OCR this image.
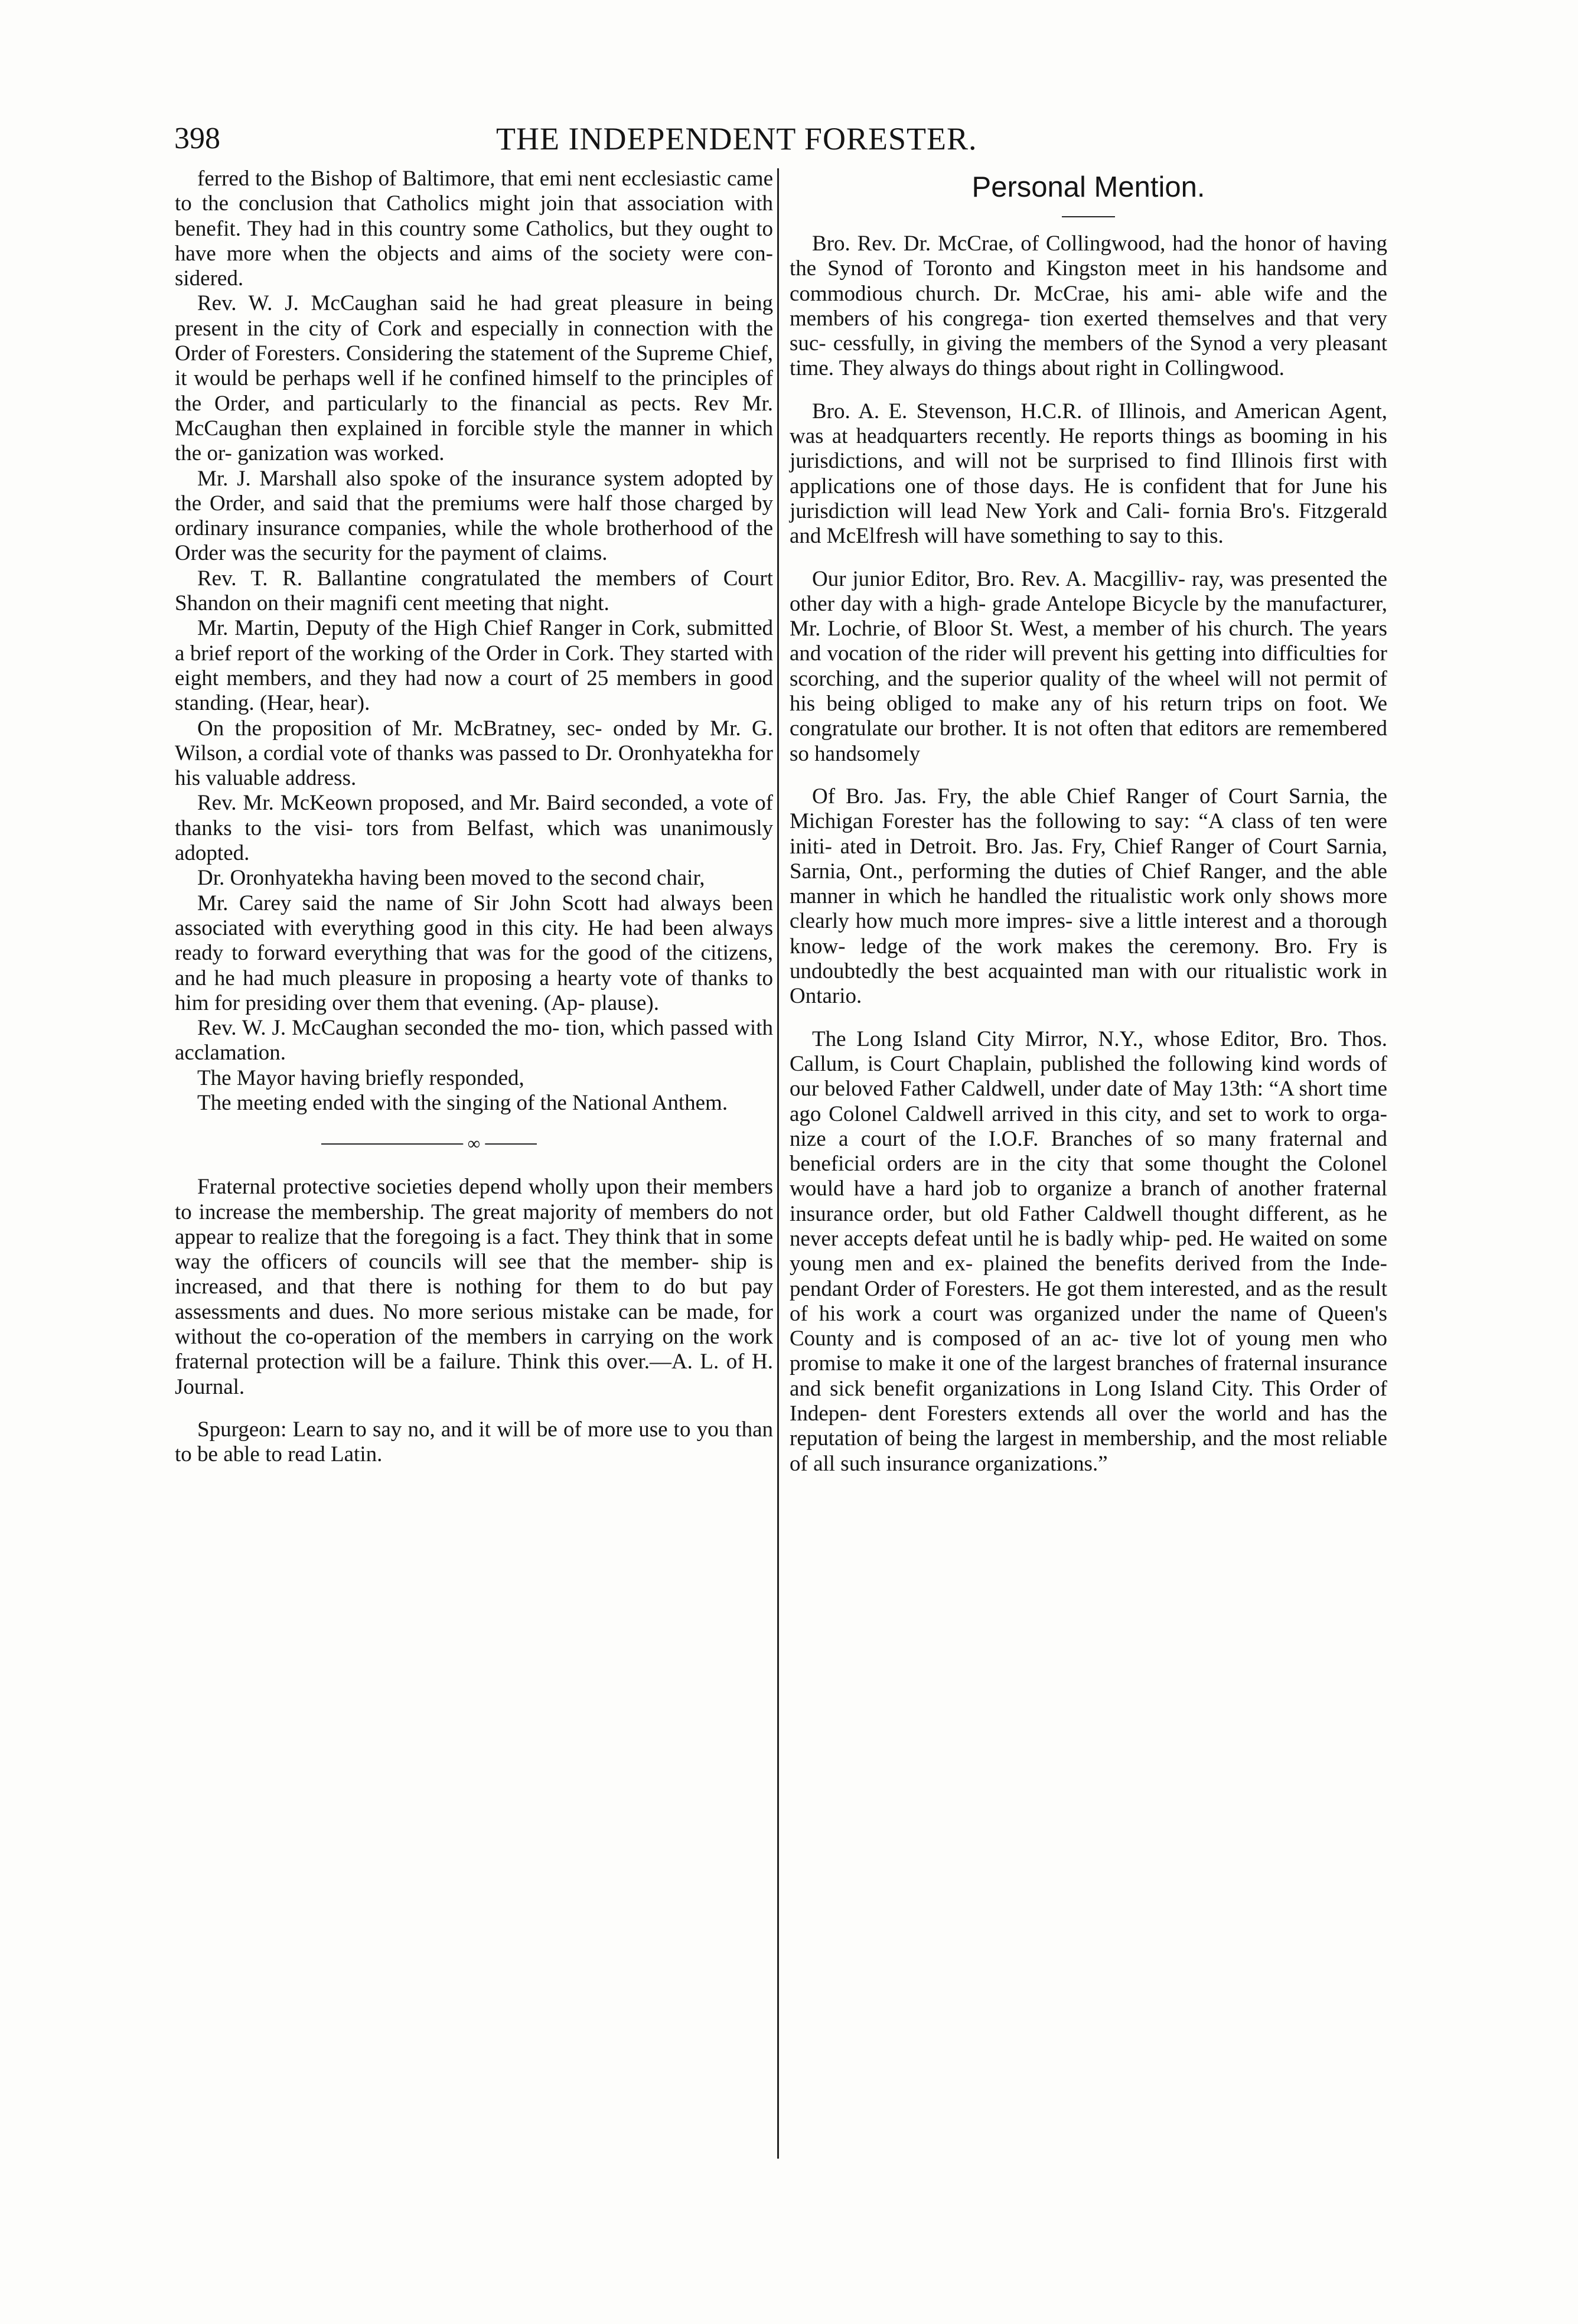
398	THE INDEPENDENT FORESTER.

ferred to the Bishop of Baltimore, that emi nent ecclesiastic came to the conclusion that Catholics might join that association with benefit. They had in this country some Catholics, but they ought to have more when the objects and aims of the society were con- sidered.

Rev. W. J. McCaughan said he had great pleasure in being present in the city of Cork and especially in connection with the Order of Foresters. Considering the statement of the Supreme Chief, it would be perhaps well if he confined himself to the principles of the Order, and particularly to the financial as pects. Rev Mr. McCaughan then explained in forcible style the manner in which the or- ganization was worked.

Mr. J. Marshall also spoke of the insurance system adopted by the Order, and said that the premiums were half those charged by ordinary insurance companies, while the whole brotherhood of the Order was the security for the payment of claims.

Rev. T. R. Ballantine congratulated the members of Court Shandon on their magnifi cent meeting that night.

Mr. Martin, Deputy of the High Chief Ranger in Cork, submitted a brief report of the working of the Order in Cork. They started with eight members, and they had now a court of 25 members in good standing. (Hear, hear).

On the proposition of Mr. McBratney, sec- onded by Mr. G. Wilson, a cordial vote of thanks was passed to Dr. Oronhyatekha for his valuable address.

Rev. Mr. McKeown proposed, and Mr. Baird seconded, a vote of thanks to the visi- tors from Belfast, which was unanimously adopted.

Dr. Oronhyatekha having been moved to the second chair,

Mr. Carey said the name of Sir John Scott had always been associated with everything good in this city. He had been always ready to forward everything that was for the good of the citizens, and he had much pleasure in proposing a hearty vote of thanks to him for presiding over them that evening. (Ap- plause).

Rev. W. J. McCaughan seconded the mo- tion, which passed with acclamation.

The Mayor having briefly responded,

The meeting ended with the singing of the National Anthem.

∞

Fraternal protective societies depend wholly upon their members to increase the membership. The great majority of members do not appear to realize that the foregoing is a fact. They think that in some way the officers of councils will see that the member- ship is increased, and that there is nothing for them to do but pay assessments and dues. No more serious mistake can be made, for without the co-operation of the members in carrying on the work fraternal protection will be a failure. Think this over.—A. L. of H. Journal.

Spurgeon: Learn to say no, and it will be of more use to you than to be able to read Latin.

Personal Mention.

Bro. Rev. Dr. McCrae, of Collingwood, had the honor of having the Synod of Toronto and Kingston meet in his handsome and commodious church. Dr. McCrae, his ami- able wife and the members of his congrega- tion exerted themselves and that very suc- cessfully, in giving the members of the Synod a very pleasant time. They always do things about right in Collingwood.

Bro. A. E. Stevenson, H.C.R. of Illinois, and American Agent, was at headquarters recently. He reports things as booming in his jurisdictions, and will not be surprised to find Illinois first with applications one of those days. He is confident that for June his jurisdiction will lead New York and Cali- fornia Bro's. Fitzgerald and McElfresh will have something to say to this.

Our junior Editor, Bro. Rev. A. Macgilliv- ray, was presented the other day with a high- grade Antelope Bicycle by the manufacturer, Mr. Lochrie, of Bloor St. West, a member of his church. The years and vocation of the rider will prevent his getting into difficulties for scorching, and the superior quality of the wheel will not permit of his being obliged to make any of his return trips on foot. We congratulate our brother. It is not often that editors are remembered so handsomely

Of Bro. Jas. Fry, the able Chief Ranger of Court Sarnia, the Michigan Forester has the following to say: “A class of ten were initi- ated in Detroit. Bro. Jas. Fry, Chief Ranger of Court Sarnia, Sarnia, Ont., performing the duties of Chief Ranger, and the able manner in which he handled the ritualistic work only shows more clearly how much more impres- sive a little interest and a thorough know- ledge of the work makes the ceremony. Bro. Fry is undoubtedly the best acquainted man with our ritualistic work in Ontario.

The Long Island City Mirror, N.Y., whose Editor, Bro. Thos. Callum, is Court Chaplain, published the following kind words of our beloved Father Caldwell, under date of May 13th: “A short time ago Colonel Caldwell arrived in this city, and set to work to orga- nize a court of the I.O.F. Branches of so many fraternal and beneficial orders are in the city that some thought the Colonel would have a hard job to organize a branch of another fraternal insurance order, but old Father Caldwell thought different, as he never accepts defeat until he is badly whip- ped. He waited on some young men and ex- plained the benefits derived from the Inde- pendant Order of Foresters. He got them interested, and as the result of his work a court was organized under the name of Queen's County and is composed of an ac- tive lot of young men who promise to make it one of the largest branches of fraternal insurance and sick benefit organizations in Long Island City. This Order of Indepen- dent Foresters extends all over the world and has the reputation of being the largest in membership, and the most reliable of all such insurance organizations.”
